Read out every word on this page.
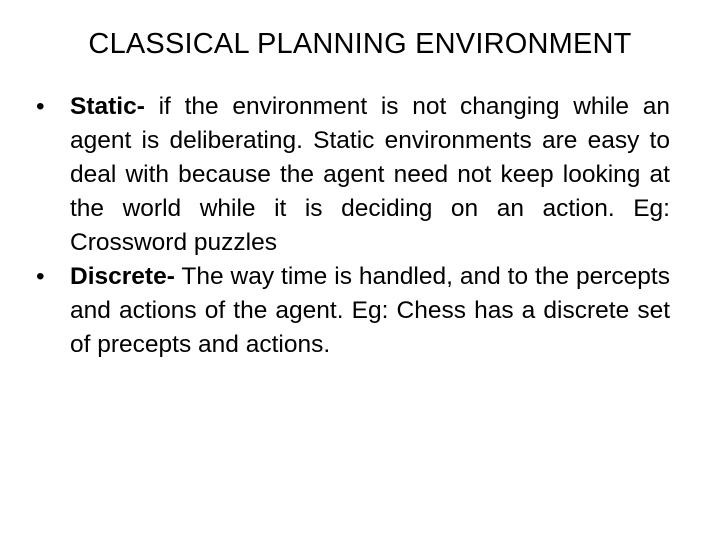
CLASSICAL PLANNING ENVIRONMENT

•	Static- if the environment is not changing while an agent is deliberating. Static environments are easy to deal with because the agent need not keep looking at the world while it is deciding on an action. Eg: Crossword puzzles

•	Discrete- The way time is handled, and to the percepts and actions of the agent. Eg: Chess has a discrete set of precepts and actions.
